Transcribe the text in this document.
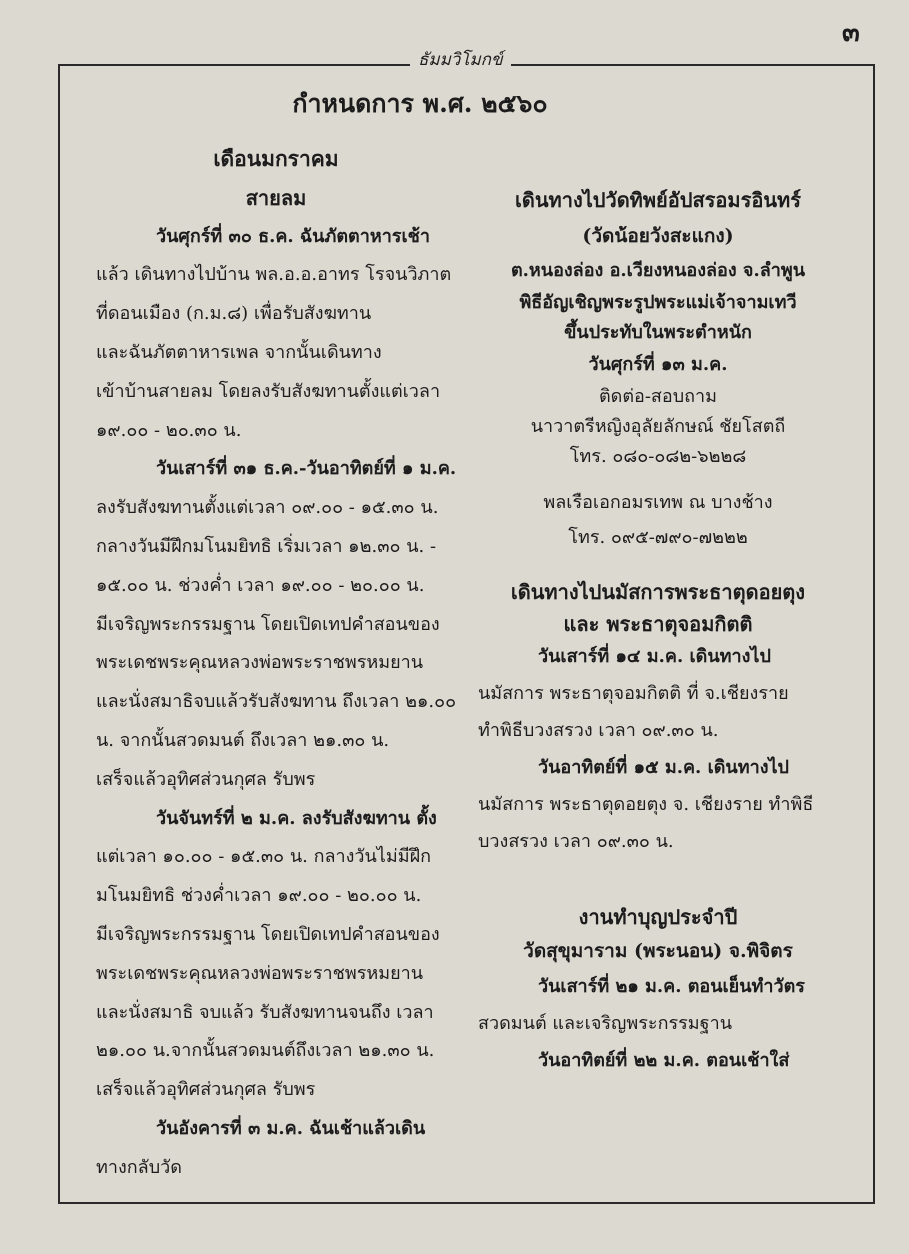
๓
ธัมมวิโมกข์
กำหนดการ พ.ศ. ๒๕๖๐
เดือนมกราคม
สายลม
วันศุกร์ที่ ๓๐ ธ.ค. ฉันภัตตาหารเช้า
แล้ว เดินทางไปบ้าน พล.อ.อ.อาทร โรจนวิภาต
ที่ดอนเมือง (ก.ม.๘) เพื่อรับสังฆทาน
และฉันภัตตาหารเพล จากนั้นเดินทาง
เข้าบ้านสายลม โดยลงรับสังฆทานตั้งแต่เวลา
๑๙.๐๐ - ๒๐.๓๐ น.
วันเสาร์ที่ ๓๑ ธ.ค.-วันอาทิตย์ที่ ๑ ม.ค.
ลงรับสังฆทานตั้งแต่เวลา ๐๙.๐๐ - ๑๕.๓๐ น.
กลางวันมีฝึกมโนมยิทธิ เริ่มเวลา ๑๒.๓๐ น. -
๑๕.๐๐ น. ช่วงค่ำ เวลา ๑๙.๐๐ - ๒๐.๐๐ น.
มีเจริญพระกรรมฐาน โดยเปิดเทปคำสอนของ
พระเดชพระคุณหลวงพ่อพระราชพรหมยาน
และนั่งสมาธิจบแล้วรับสังฆทาน ถึงเวลา ๒๑.๐๐
น. จากนั้นสวดมนต์ ถึงเวลา ๒๑.๓๐ น.
เสร็จแล้วอุทิศส่วนกุศล รับพร
วันจันทร์ที่ ๒ ม.ค. ลงรับสังฆทาน ตั้ง
แต่เวลา ๑๐.๐๐ - ๑๕.๓๐ น. กลางวันไม่มีฝึก
มโนมยิทธิ ช่วงค่ำเวลา ๑๙.๐๐ - ๒๐.๐๐ น.
มีเจริญพระกรรมฐาน โดยเปิดเทปคำสอนของ
พระเดชพระคุณหลวงพ่อพระราชพรหมยาน
และนั่งสมาธิ จบแล้ว รับสังฆทานจนถึง เวลา
๒๑.๐๐ น.จากนั้นสวดมนต์ถึงเวลา ๒๑.๓๐ น.
เสร็จแล้วอุทิศส่วนกุศล รับพร
วันอังคารที่ ๓ ม.ค. ฉันเช้าแล้วเดิน
ทางกลับวัด
เดินทางไปวัดทิพย์อัปสรอมรอินทร์
(วัดน้อยวังสะแกง)
ต.หนองล่อง อ.เวียงหนองล่อง จ.ลำพูน
พิธีอัญเชิญพระรูปพระแม่เจ้าจามเทวี
ขึ้นประทับในพระตำหนัก
วันศุกร์ที่ ๑๓ ม.ค.
ติดต่อ-สอบถาม
นาวาตรีหญิงอุลัยลักษณ์ ชัยโสตถี
โทร. ๐๘๐-๐๘๒-๖๒๒๘
พลเรือเอกอมรเทพ ณ บางช้าง
โทร. ๐๙๕-๗๙๐-๗๒๒๒
เดินทางไปนมัสการพระธาตุดอยตุง
และ พระธาตุจอมกิตติ
วันเสาร์ที่ ๑๔ ม.ค. เดินทางไป
นมัสการ พระธาตุจอมกิตติ ที่ จ.เชียงราย
ทำพิธีบวงสรวง เวลา ๐๙.๓๐ น.
วันอาทิตย์ที่ ๑๕ ม.ค. เดินทางไป
นมัสการ พระธาตุดอยตุง จ. เชียงราย ทำพิธี
บวงสรวง เวลา ๐๙.๓๐ น.
งานทำบุญประจำปี
วัดสุขุมาราม (พระนอน) จ.พิจิตร
วันเสาร์ที่ ๒๑ ม.ค. ตอนเย็นทำวัตร
สวดมนต์ และเจริญพระกรรมฐาน
วันอาทิตย์ที่ ๒๒ ม.ค. ตอนเช้าใส่
